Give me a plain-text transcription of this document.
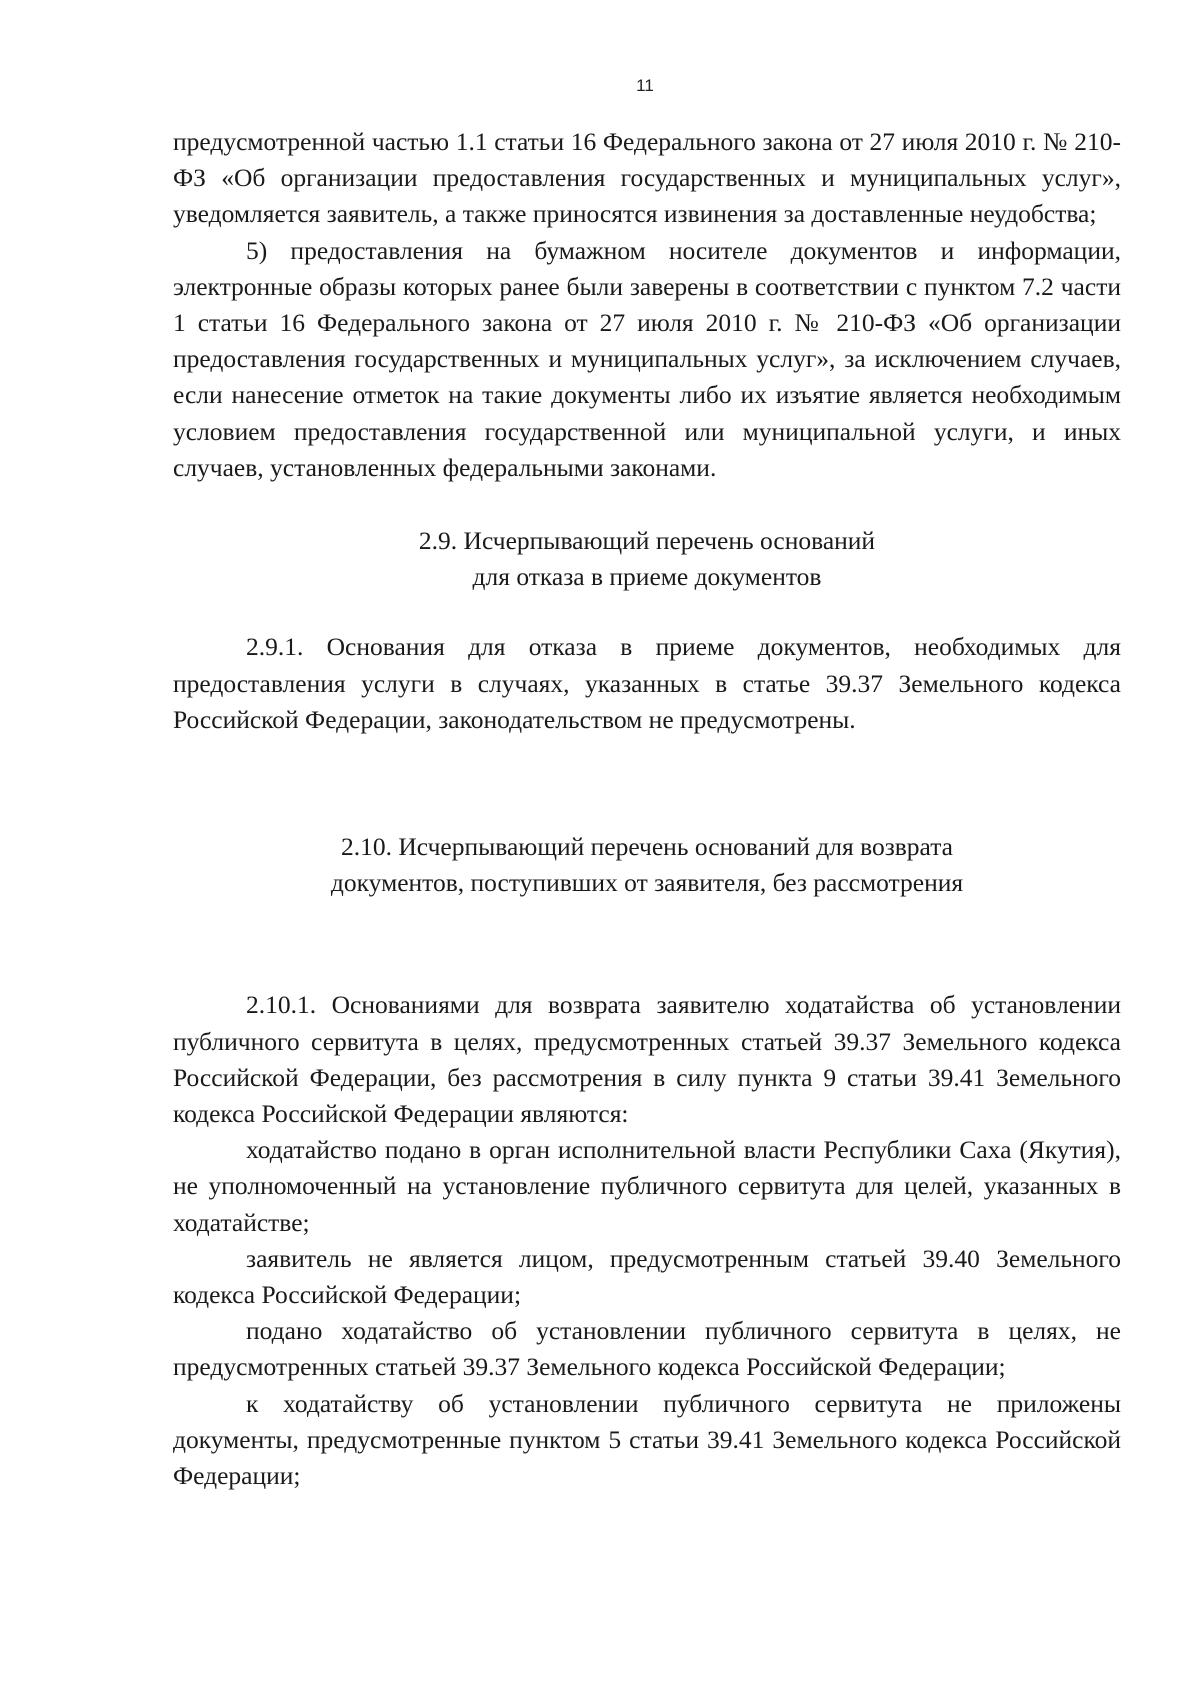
11

предусмотренной частью 1.1 статьи 16 Федерального закона от 27 июля 2010 г. № 210-ФЗ «Об организации предоставления государственных и муниципальных услуг», уведомляется заявитель, а также приносятся извинения за доставленные неудобства;

5) предоставления на бумажном носителе документов и информации, электронные образы которых ранее были заверены в соответствии с пунктом 7.2 части 1 статьи 16 Федерального закона от 27 июля 2010 г. № 210-ФЗ «Об организации предоставления государственных и муниципальных услуг», за исключением случаев, если нанесение отметок на такие документы либо их изъятие является необходимым условием предоставления государственной или муниципальной услуги, и иных случаев, установленных федеральными законами.

2.9. Исчерпывающий перечень оснований
для отказа в приеме документов

2.9.1. Основания для отказа в приеме документов, необходимых для предоставления услуги в случаях, указанных в статье 39.37 Земельного кодекса Российской Федерации, законодательством не предусмотрены.

2.10. Исчерпывающий перечень оснований для возврата
документов, поступивших от заявителя, без рассмотрения

2.10.1. Основаниями для возврата заявителю ходатайства об установлении публичного сервитута в целях, предусмотренных статьей 39.37 Земельного кодекса Российской Федерации, без рассмотрения в силу пункта 9 статьи 39.41 Земельного кодекса Российской Федерации являются:

ходатайство подано в орган исполнительной власти Республики Саха (Якутия), не уполномоченный на установление публичного сервитута для целей, указанных в ходатайстве;

заявитель не является лицом, предусмотренным статьей 39.40 Земельного кодекса Российской Федерации;

подано ходатайство об установлении публичного сервитута в целях, не предусмотренных статьей 39.37 Земельного кодекса Российской Федерации;

к ходатайству об установлении публичного сервитута не приложены документы, предусмотренные пунктом 5 статьи 39.41 Земельного кодекса Российской Федерации;
